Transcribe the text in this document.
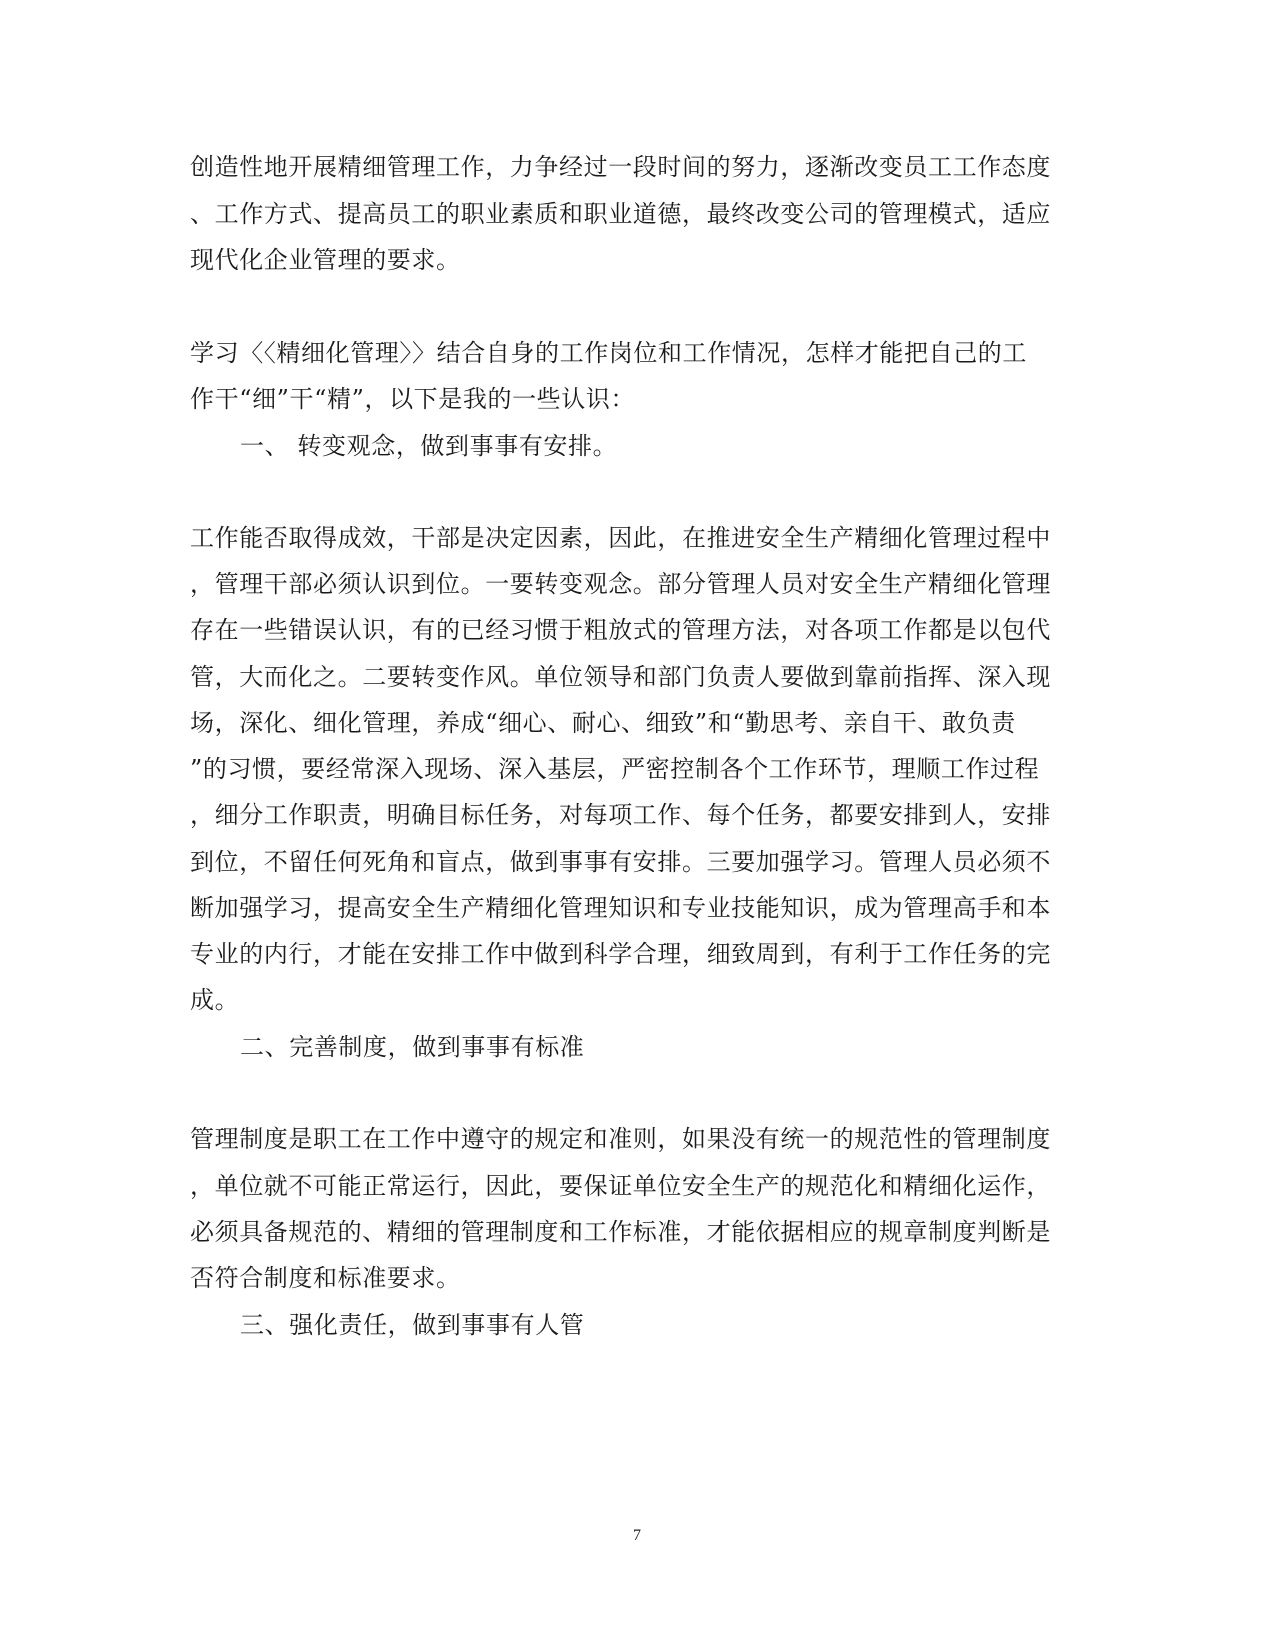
创造性地开展精细管理工作，力争经过一段时间的努力，逐渐改变员工工作态度
、工作方式、提高员工的职业素质和职业道德，最终改变公司的管理模式，适应
现代化企业管理的要求。
学习〈〈精细化管理〉〉结合自身的工作岗位和工作情况，怎样才能把自己的工
作干“细”干“精”，以下是我的一些认识：
一、 转变观念，做到事事有安排。
工作能否取得成效，干部是决定因素，因此，在推进安全生产精细化管理过程中
，管理干部必须认识到位。一要转变观念。部分管理人员对安全生产精细化管理
存在一些错误认识，有的已经习惯于粗放式的管理方法，对各项工作都是以包代
管，大而化之。二要转变作风。单位领导和部门负责人要做到靠前指挥、深入现
场，深化、细化管理，养成“细心、耐心、细致”和“勤思考、亲自干、敢负责
”的习惯，要经常深入现场、深入基层，严密控制各个工作环节，理顺工作过程
，细分工作职责，明确目标任务，对每项工作、每个任务，都要安排到人，安排
到位，不留任何死角和盲点，做到事事有安排。三要加强学习。管理人员必须不
断加强学习，提高安全生产精细化管理知识和专业技能知识，成为管理高手和本
专业的内行，才能在安排工作中做到科学合理，细致周到，有利于工作任务的完
成。
二、完善制度，做到事事有标准
管理制度是职工在工作中遵守的规定和准则，如果没有统一的规范性的管理制度
，单位就不可能正常运行，因此，要保证单位安全生产的规范化和精细化运作，
必须具备规范的、精细的管理制度和工作标准，才能依据相应的规章制度判断是
否符合制度和标准要求。
三、强化责任，做到事事有人管
7
